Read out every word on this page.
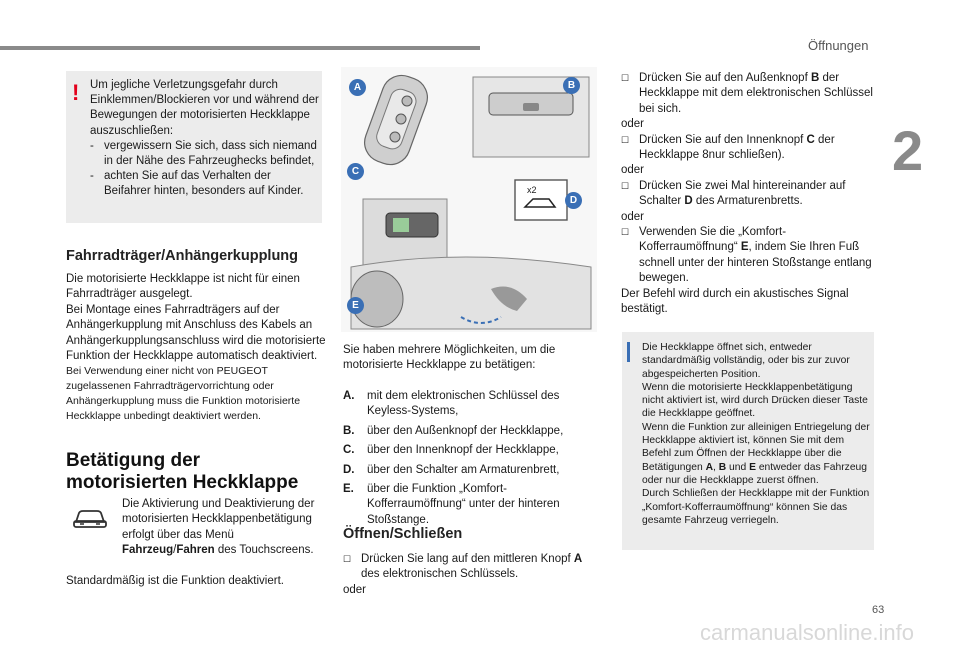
Öffnungen
2
63
carmanualsonline.info
! Um jegliche Verletzungsgefahr durch Einklemmen/Blockieren vor und während der Bewegungen der motorisierten Heckklappe auszuschließen:
- vergewissern Sie sich, dass sich niemand in der Nähe des Fahrzeughecks befindet,
- achten Sie auf das Verhalten der Beifahrer hinten, besonders auf Kinder.
Fahrradträger/Anhängerkupplung
Die motorisierte Heckklappe ist nicht für einen Fahrradträger ausgelegt.
Bei Montage eines Fahrradträgers auf der Anhängerkupplung mit Anschluss des Kabels an Anhängerkupplungsanschluss wird die motorisierte Funktion der Heckklappe automatisch deaktiviert.
Bei Verwendung einer nicht von PEUGEOT zugelassenen Fahrradträgervorrichtung oder Anhängerkupplung muss die Funktion motorisierte Heckklappe unbedingt deaktiviert werden.
Betätigung der
motorisierten Heckklappe
Die Aktivierung und Deaktivierung der motorisierten Heckklappenbetätigung erfolgt über das Menü Fahrzeug/Fahren des Touchscreens.
Standardmäßig ist die Funktion deaktiviert.
x2
A	B
C
D
E
Sie haben mehrere Möglichkeiten, um die motorisierte Heckklappe zu betätigen:
A.	mit dem elektronischen Schlüssel des Keyless-Systems,
B.	über den Außenknopf der Heckklappe,
C.	über den Innenknopf der Heckklappe,
D.	über den Schalter am Armaturenbrett,
E.	über die Funktion „Komfort-Kofferraumöffnung“ unter der hinteren Stoßstange.
Öffnen/Schließen
☐ Drücken Sie lang auf den mittleren Knopf A des elektronischen Schlüssels.
oder
☐ Drücken Sie auf den Außenknopf B der Heckklappe mit dem elektronischen Schlüssel bei sich.
oder
☐ Drücken Sie auf den Innenknopf C der Heckklappe 8nur schließen).
oder
☐ Drücken Sie zwei Mal hintereinander auf Schalter D des Armaturenbretts.
oder
☐ Verwenden Sie die „Komfort-Kofferraumöffnung“ E, indem Sie Ihren Fuß schnell unter der hinteren Stoßstange entlang bewegen.
Der Befehl wird durch ein akustisches Signal bestätigt.
Die Heckklappe öffnet sich, entweder standardmäßig vollständig, oder bis zur zuvor abgespeicherten Position.
Wenn die motorisierte Heckklappenbetätigung nicht aktiviert ist, wird durch Drücken dieser Taste die Heckklappe geöffnet.
Wenn die Funktion zur alleinigen Entriegelung der Heckklappe aktiviert ist, können Sie mit dem Befehl zum Öffnen der Heckklappe über die Betätigungen A, B und E entweder das Fahrzeug oder nur die Heckklappe zuerst öffnen.
Durch Schließen der Heckklappe mit der Funktion „Komfort-Kofferraumöffnung“ können Sie das gesamte Fahrzeug verriegeln.
